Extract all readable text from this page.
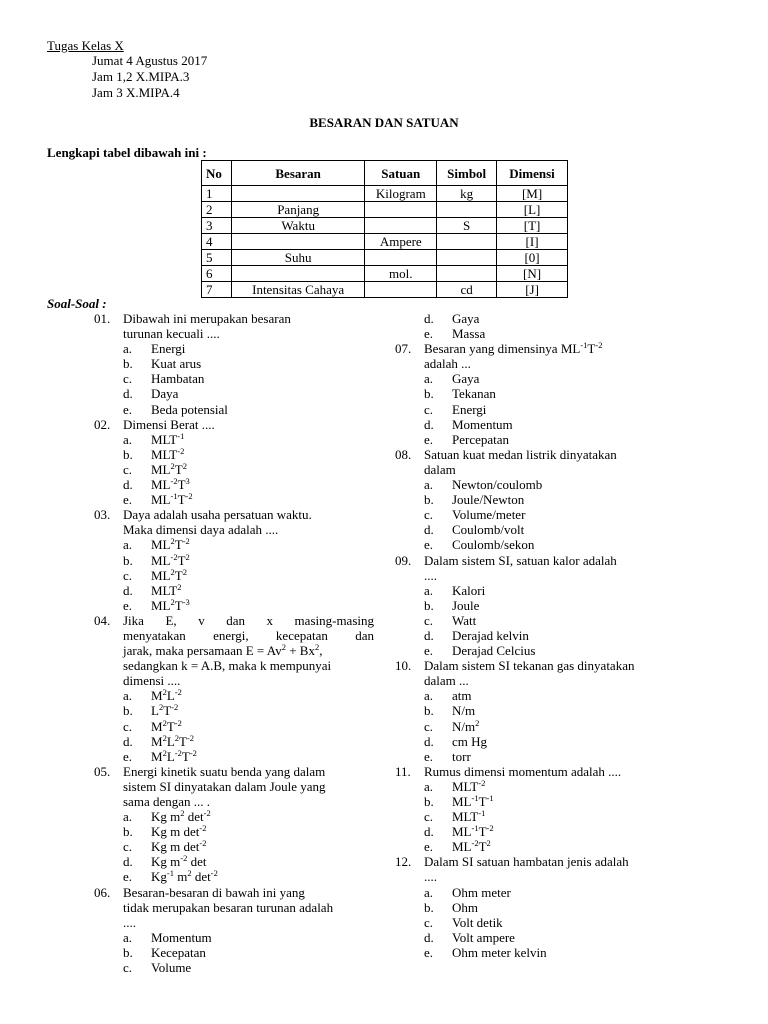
Tugas Kelas X
Jumat 4 Agustus 2017
Jam 1,2 X.MIPA.3
Jam 3 X.MIPA.4
BESARAN DAN SATUAN
Lengkapi tabel dibawah ini :
No	Besaran	Satuan	Simbol	Dimensi
1		Kilogram	kg	[M]
2	Panjang			[L]
3	Waktu		S	[T]
4		Ampere		[I]
5	Suhu			[0]
6		mol.		[N]
7	Intensitas Cahaya		cd	[J]
Soal-Soal :
01. Dibawah ini merupakan besaran
turunan kecuali ....
a. Energi
b. Kuat arus
c. Hambatan
d. Daya
e. Beda potensial
02. Dimensi Berat ....
a. $MLT^{-1}$
b. $MLT^{-2}$
c. $ML^2T^2$
d. $ML^{-2}T^3$
e. $ML^{-1}T^{-2}$
03. Daya adalah usaha persatuan waktu.
Maka dimensi daya adalah ....
a. $ML^2T^{-2}$
b. $ML^{-2}T^2$
c. $ML^2T^2$
d. MLT$^2$
e. $ML^2T^{-3}$
04. Jika E, v dan x masing-masing
menyatakan energi, kecepatan dan
jarak, maka persamaan $E = Av^2 + Bx^2$,
sedangkan k = A.B, maka k mempunyai
dimensi ....
a. $M^2L^{-2}$
b. $L^2T^{-2}$
c. $M^2T^{-2}$
d. $M^2L^2T^{-2}$
e. $M^2L^{-2}T^{-2}$
05. Energi kinetik suatu benda yang dalam
sistem SI dinyatakan dalam Joule yang
sama dengan ... .
a. Kg $m^2$ $\det^{-2}$
b. Kg m $\det^{-2}$
c. Kg m $\det^{-2}$
d. Kg $m^{-2}$ det
e. $Kg^{-1}$ $m^2$ $\det^{-2}$
06. Besaran-besaran di bawah ini yang
tidak merupakan besaran turunan adalah
....
a. Momentum
b. Kecepatan
c. Volume
d. Gaya
e. Massa
07. Besaran yang dimensinya $ML^{-1}T^{-2}$
adalah ...
a. Gaya
b. Tekanan
c. Energi
d. Momentum
e. Percepatan
08. Satuan kuat medan listrik dinyatakan
dalam
a. Newton/coulomb
b. Joule/Newton
c. Volume/meter
d. Coulomb/volt
e. Coulomb/sekon
09. Dalam sistem SI, satuan kalor adalah
....
a. Kalori
b. Joule
c. Watt
d. Derajad kelvin
e. Derajad Celcius
10. Dalam sistem SI tekanan gas dinyatakan
dalam ...
a. atm
b. N/m
c. $N/m^2$
d. cm Hg
e. torr
11. Rumus dimensi momentum adalah ....
a. $MLT^{-2}$
b. $ML^{-1}T^{-1}$
c. $MLT^{-1}$
d. $ML^{-1}T^{-2}$
e. $ML^{-2}T^2$
12. Dalam SI satuan hambatan jenis adalah
....
a. Ohm meter
b. Ohm
c. Volt detik
d. Volt ampere
e. Ohm meter kelvin
